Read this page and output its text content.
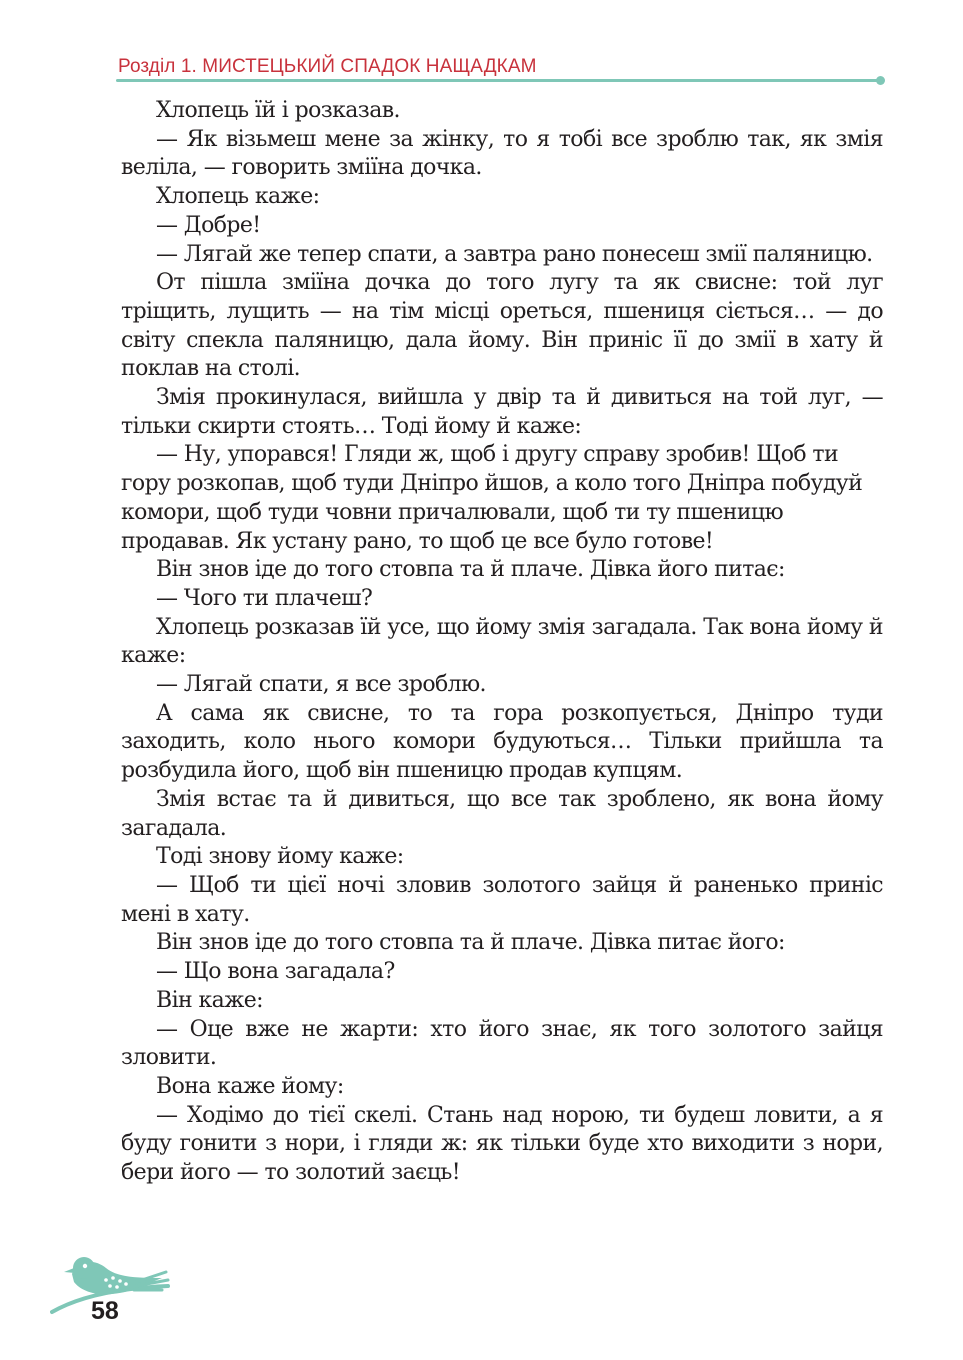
Розділ 1. МИСТЕЦЬКИЙ СПАДОК НАЩАДКАМ

Хлопець їй і розказав.

— Як візьмеш мене за жінку, то я тобі все зроблю так, як змія веліла, — говорить зміїна дочка.

Хлопець каже:

— Добре!

— Лягай же тепер спати, а завтра рано понесеш змії паляницю.

От пішла зміїна дочка до того лугу та як свисне: той луг тріщить, лущить — на тім місці ореться, пшениця сіється… — до світу спекла паляницю, дала йому. Він приніс її до змії в хату й поклав на столі.

Змія прокинулася, вийшла у двір та й дивиться на той луг, — тільки скирти стоять… Тоді йому й каже:

— Ну, упорався! Гляди ж, щоб і другу справу зробив! Щоб ти гору розкопав, щоб туди Дніпро йшов, а коло того Дніпра побудуй комори, щоб туди човни причалювали, щоб ти ту пшеницю продавав. Як устану рано, то щоб це все було готове!

Він знов іде до того стовпа та й плаче. Дівка його питає:

— Чого ти плачеш?

Хлопець розказав їй усе, що йому змія загадала. Так вона йому й каже:

— Лягай спати, я все зроблю.

А сама як свисне, то та гора розкопується, Дніпро туди заходить, коло нього комори будуються… Тільки прийшла та розбудила його, щоб він пшеницю продав купцям.

Змія встає та й дивиться, що все так зроблено, як вона йому загадала.

Тоді знову йому каже:

— Щоб ти цієї ночі зловив золотого зайця й раненько приніс мені в хату.

Він знов іде до того стовпа та й плаче. Дівка питає його:

— Що вона загадала?

Він каже:

— Оце вже не жарти: хто його знає, як того золотого зайця зловити.

Вона каже йому:

— Ходімо до тієї скелі. Стань над норою, ти будеш ловити, а я буду гонити з нори, і гляди ж: як тільки буде хто виходити з нори, бери його — то золотий заєць!

58
